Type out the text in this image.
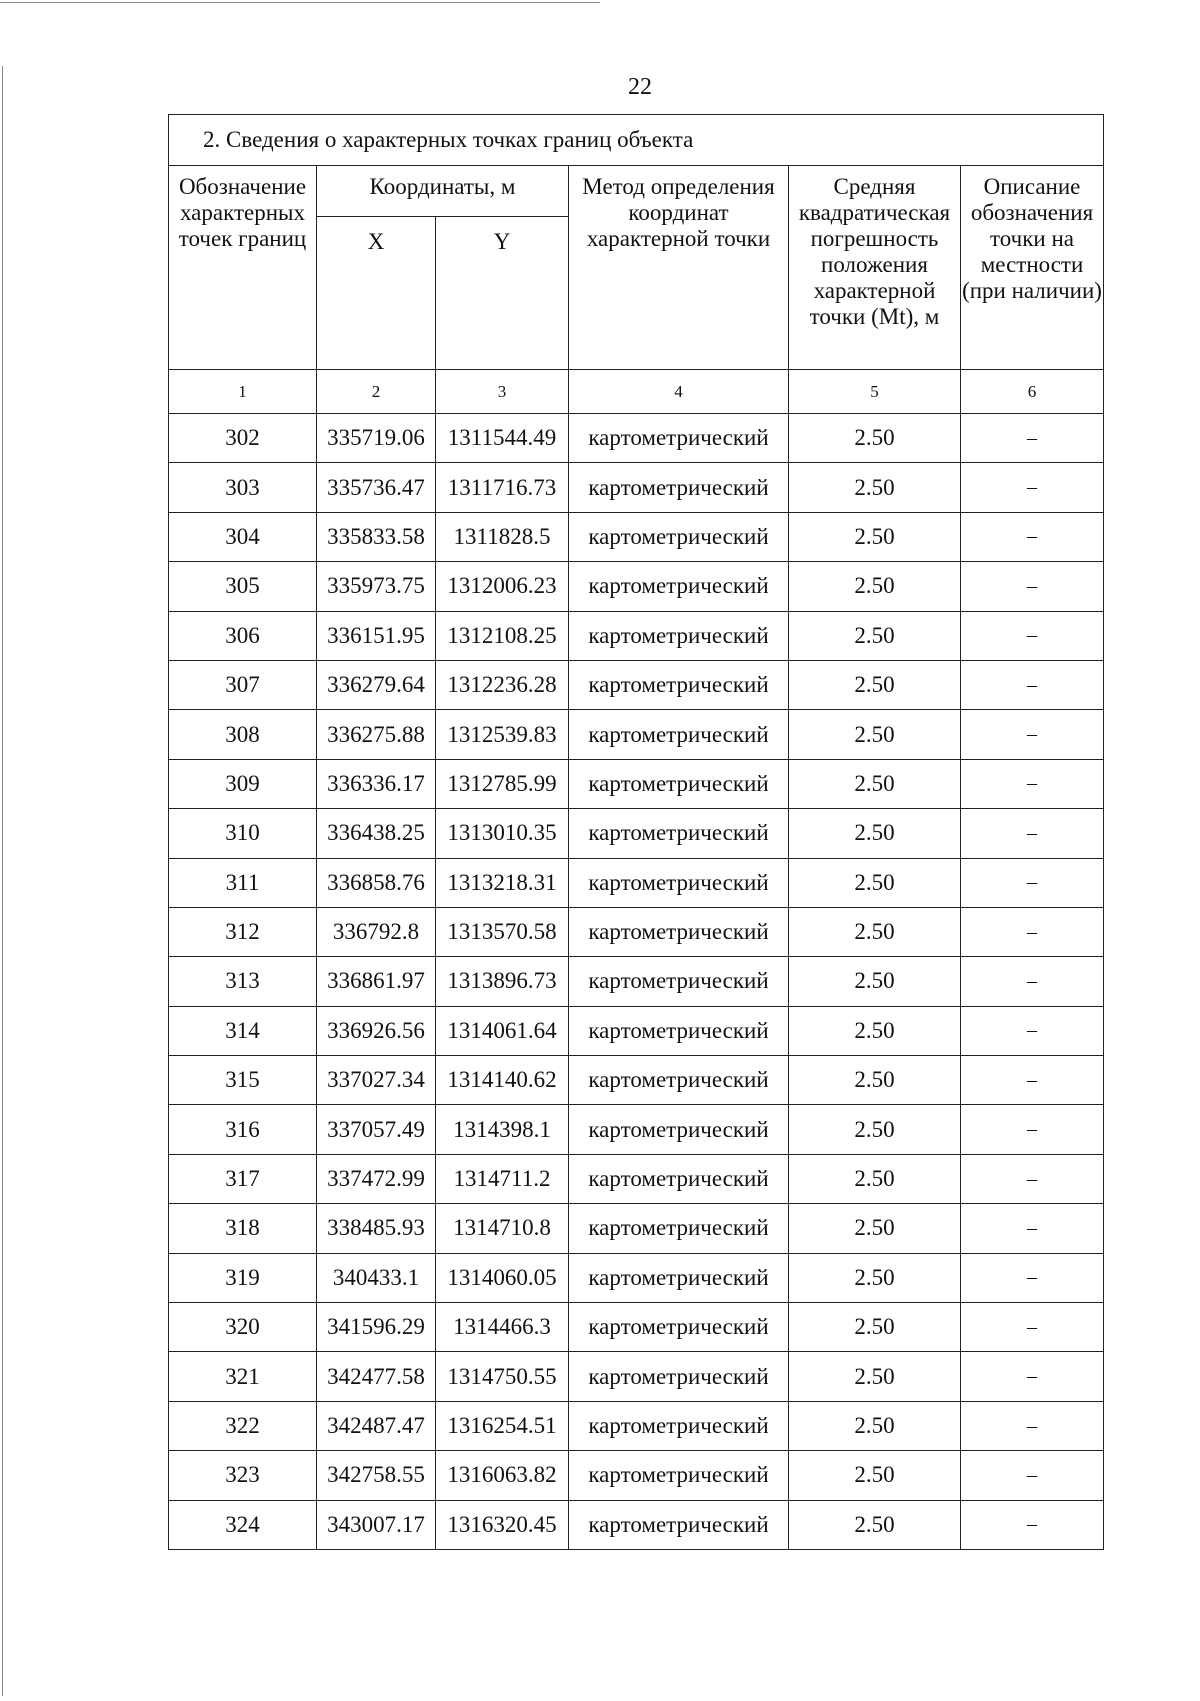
22
2. Сведения о характерных точках границ объекта					
Обозначение характерных точек границ	Координаты, м		Метод определения координат характерной точки	Средняя квадратическая погрешность положения характерной точки (Mt), м	Описание обозначения точки на местности (при наличии)
	X	Y			
1	2	3	4	5	6
302	335719.06	1311544.49	картометрический	2.50	–
303	335736.47	1311716.73	картометрический	2.50	–
304	335833.58	1311828.5	картометрический	2.50	–
305	335973.75	1312006.23	картометрический	2.50	–
306	336151.95	1312108.25	картометрический	2.50	–
307	336279.64	1312236.28	картометрический	2.50	–
308	336275.88	1312539.83	картометрический	2.50	–
309	336336.17	1312785.99	картометрический	2.50	–
310	336438.25	1313010.35	картометрический	2.50	–
311	336858.76	1313218.31	картометрический	2.50	–
312	336792.8	1313570.58	картометрический	2.50	–
313	336861.97	1313896.73	картометрический	2.50	–
314	336926.56	1314061.64	картометрический	2.50	–
315	337027.34	1314140.62	картометрический	2.50	–
316	337057.49	1314398.1	картометрический	2.50	–
317	337472.99	1314711.2	картометрический	2.50	–
318	338485.93	1314710.8	картометрический	2.50	–
319	340433.1	1314060.05	картометрический	2.50	–
320	341596.29	1314466.3	картометрический	2.50	–
321	342477.58	1314750.55	картометрический	2.50	–
322	342487.47	1316254.51	картометрический	2.50	–
323	342758.55	1316063.82	картометрический	2.50	–
324	343007.17	1316320.45	картометрический	2.50	–
